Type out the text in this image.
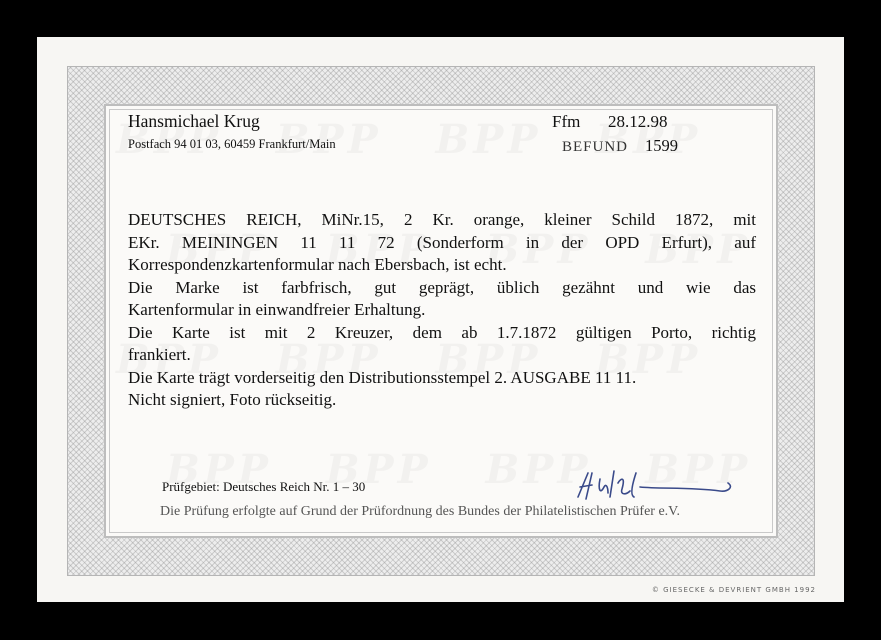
Hansmichael Krug
Postfach 94 01 03, 60459 Frankfurt/Main
Ffm 28.12.98
BEFUND 1599
DEUTSCHES REICH, MiNr.15, 2 Kr. orange, kleiner Schild 1872, mit
EKr. MEININGEN 11 11 72 (Sonderform in der OPD Erfurt), auf
Korrespondenzkartenformular nach Ebersbach, ist echt.
Die Marke ist farbfrisch, gut geprägt, üblich gezähnt und wie das
Kartenformular in einwandfreier Erhaltung.
Die Karte ist mit 2 Kreuzer, dem ab 1.7.1872 gültigen Porto, richtig
frankiert.
Die Karte trägt vorderseitig den Distributionsstempel 2. AUSGABE 11 11.
Nicht signiert, Foto rückseitig.
Prüfgebiet: Deutsches Reich Nr. 1 – 30
Die Prüfung erfolgte auf Grund der Prüfordnung des Bundes der Philatelistischen Prüfer e.V.
© GIESECKE & DEVRIENT GMBH 1992
